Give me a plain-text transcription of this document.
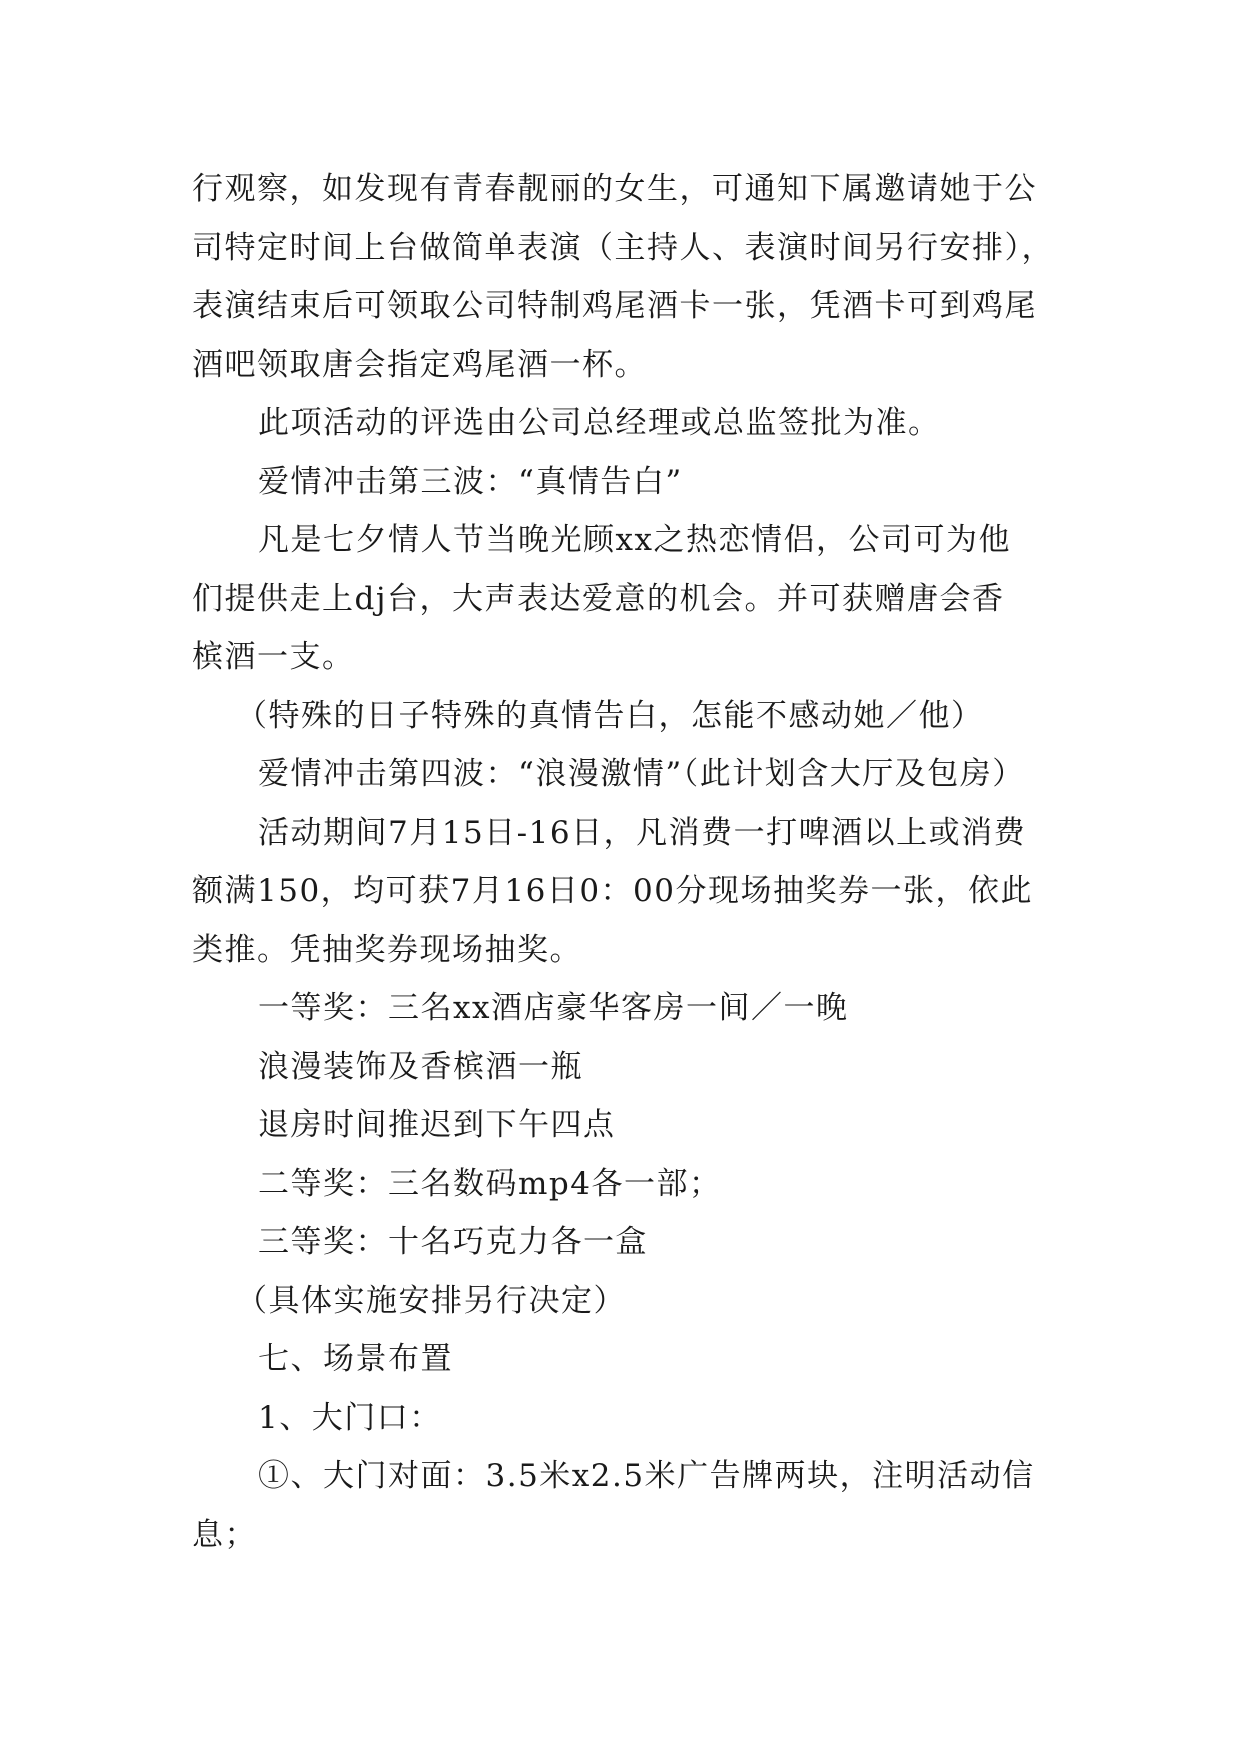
行观察，如发现有青春靓丽的女生，可通知下属邀请她于公
司特定时间上台做简单表演（主持人、表演时间另行安排），
表演结束后可领取公司特制鸡尾酒卡一张，凭酒卡可到鸡尾
酒吧领取唐会指定鸡尾酒一杯。
此项活动的评选由公司总经理或总监签批为准。
爱情冲击第三波：“真情告白”
凡是七夕情人节当晚光顾xx之热恋情侣，公司可为他
们提供走上dj台，大声表达爱意的机会。并可获赠唐会香
槟酒一支。
（特殊的日子特殊的真情告白，怎能不感动她／他）
爱情冲击第四波：“浪漫激情”（此计划含大厅及包房）
活动期间7月15日-16日，凡消费一打啤酒以上或消费
额满150，均可获7月16日0：00分现场抽奖券一张，依此
类推。凭抽奖券现场抽奖。
一等奖：三名xx酒店豪华客房一间／一晚
浪漫装饰及香槟酒一瓶
退房时间推迟到下午四点
二等奖：三名数码mp4各一部；
三等奖：十名巧克力各一盒
（具体实施安排另行决定）
七、场景布置
1、大门口：
①、大门对面：3.5米x2.5米广告牌两块，注明活动信
息；
